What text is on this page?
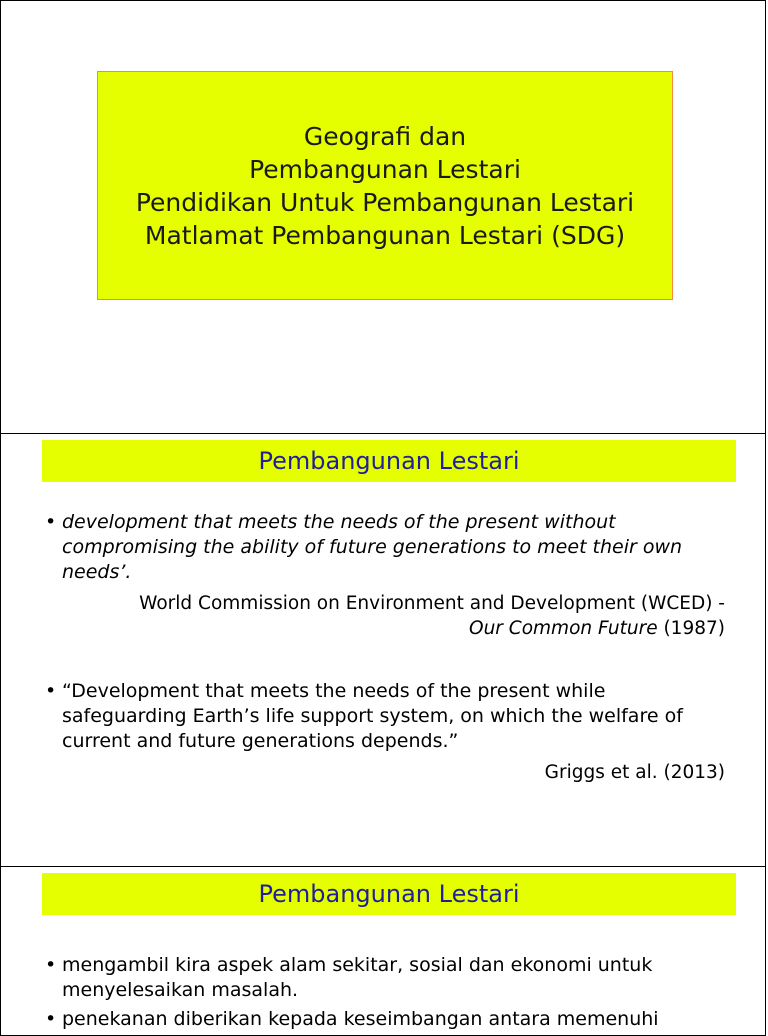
Geografi dan
Pembangunan Lestari
Pendidikan Untuk Pembangunan Lestari
Matlamat Pembangunan Lestari (SDG)
Pembangunan Lestari
• development that meets the needs of the present without compromising the ability of future generations to meet their own needs’.
World Commission on Environment and Development (WCED) -
Our Common Future (1987)
• “Development that meets the needs of the present while safeguarding Earth’s life support system, on which the welfare of current and future generations depends.”
Griggs et al. (2013)
Pembangunan Lestari
• mengambil kira aspek alam sekitar, sosial dan ekonomi untuk menyelesaikan masalah.
• penekanan diberikan kepada keseimbangan antara memenuhi
